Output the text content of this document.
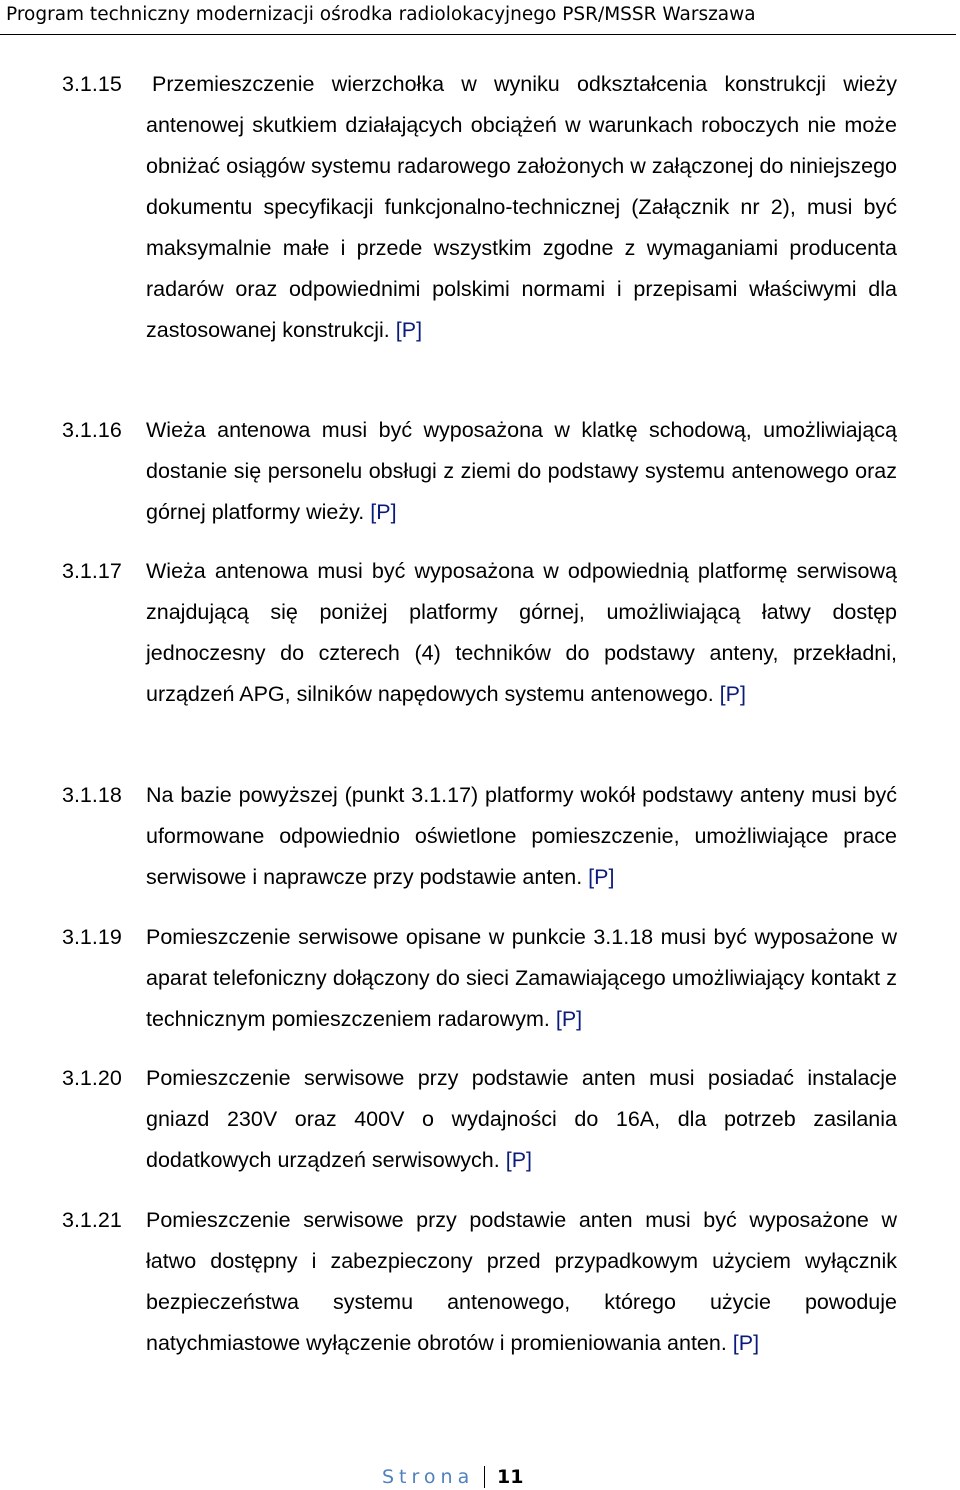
Program techniczny modernizacji ośrodka radiolokacyjnego PSR/MSSR Warszawa
3.1.15 Przemieszczenie wierzchołka w wyniku odkształcenia konstrukcji wieży antenowej skutkiem działających obciążeń w warunkach roboczych nie może obniżać osiągów systemu radarowego założonych w załączonej do niniejszego dokumentu specyfikacji funkcjonalno-technicznej (Załącznik nr 2), musi być maksymalnie małe i przede wszystkim zgodne z wymaganiami producenta radarów oraz odpowiednimi polskimi normami i przepisami właściwymi dla zastosowanej konstrukcji. [P]
3.1.16 Wieża antenowa musi być wyposażona w klatkę schodową, umożliwiającą dostanie się personelu obsługi z ziemi do podstawy systemu antenowego oraz górnej platformy wieży. [P]
3.1.17 Wieża antenowa musi być wyposażona w odpowiednią platformę serwisową znajdującą się poniżej platformy górnej, umożliwiającą łatwy dostęp jednoczesny do czterech (4) techników do podstawy anteny, przekładni, urządzeń APG, silników napędowych systemu antenowego. [P]
3.1.18 Na bazie powyższej (punkt 3.1.17) platformy wokół podstawy anteny musi być uformowane odpowiednio oświetlone pomieszczenie, umożliwiające prace serwisowe i naprawcze przy podstawie anten. [P]
3.1.19 Pomieszczenie serwisowe opisane w punkcie 3.1.18 musi być wyposażone w aparat telefoniczny dołączony do sieci Zamawiającego umożliwiający kontakt z technicznym pomieszczeniem radarowym. [P]
3.1.20 Pomieszczenie serwisowe przy podstawie anten musi posiadać instalacje gniazd 230V oraz 400V o wydajności do 16A, dla potrzeb zasilania dodatkowych urządzeń serwisowych. [P]
3.1.21 Pomieszczenie serwisowe przy podstawie anten musi być wyposażone w łatwo dostępny i zabezpieczony przed przypadkowym użyciem wyłącznik bezpieczeństwa systemu antenowego, którego użycie powoduje natychmiastowe wyłączenie obrotów i promieniowania anten. [P]
Strona 11
